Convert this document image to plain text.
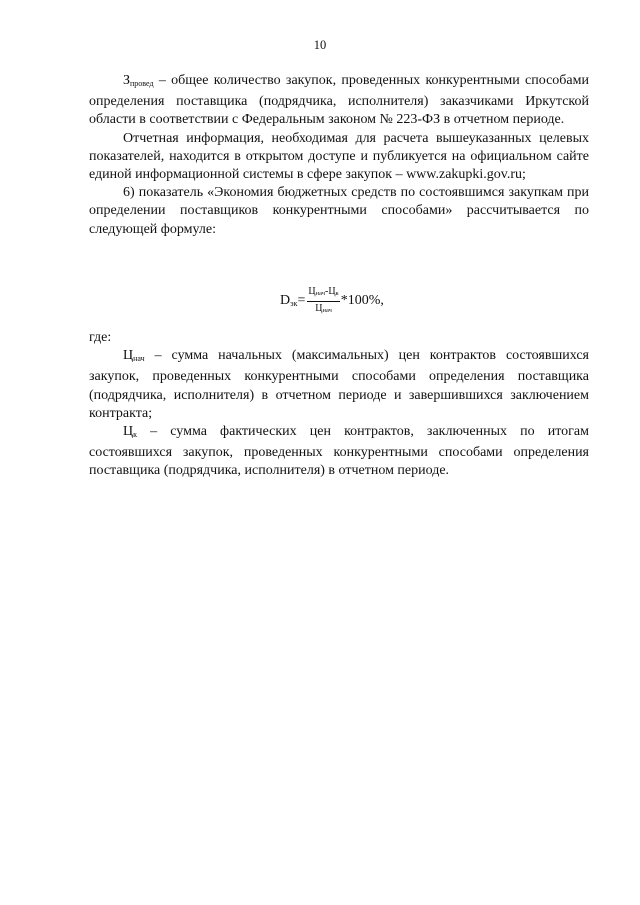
10

$З_{провед}$ – общее количество закупок, проведенных конкурентными способами определения поставщика (подрядчика, исполнителя) заказчиками Иркутской области в соответствии с Федеральным законом № 223-ФЗ в отчетном периоде.

Отчетная информация, необходимая для расчета вышеуказанных целевых показателей, находится в открытом доступе и публикуется на официальном сайте единой информационной системы в сфере закупок – www.zakupki.gov.ru;

6) показатель «Экономия бюджетных средств по состоявшимся закупкам при определении поставщиков конкурентными способами» рассчитывается по следующей формуле:

$D_{эк} = \frac{\text{Цнач-Цк}}{\text{Цнач}} *100\%$,

где:

$Ц_{нач}$ – сумма начальных (максимальных) цен контрактов состоявшихся закупок, проведенных конкурентными способами определения поставщика (подрядчика, исполнителя) в отчетном периоде и завершившихся заключением контракта;

$Ц_к$ – сумма фактических цен контрактов, заключенных по итогам состоявшихся закупок, проведенных конкурентными способами определения поставщика (подрядчика, исполнителя) в отчетном периоде.
